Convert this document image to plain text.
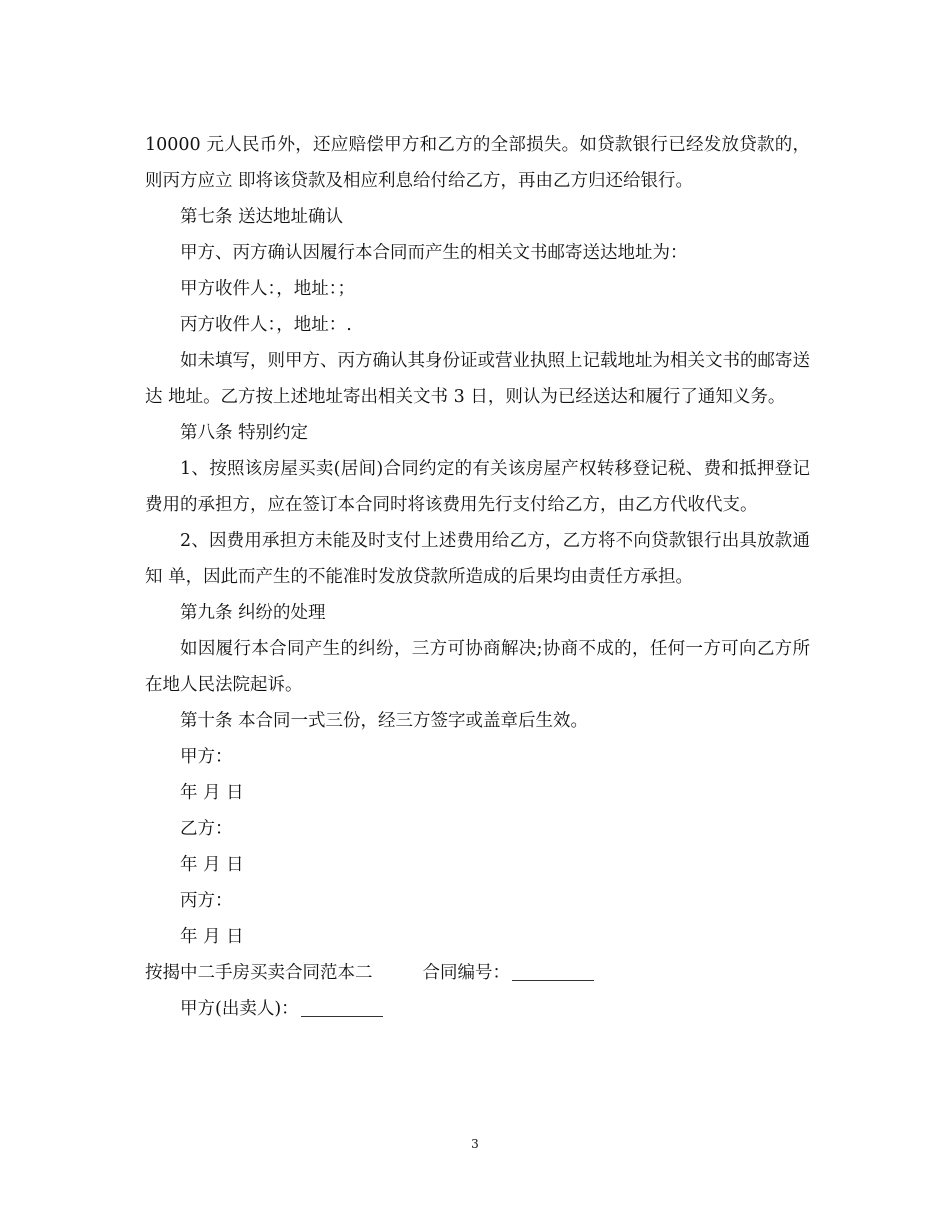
10000 元人民币外，还应赔偿甲方和乙方的全部损失。如贷款银行已经发放贷款的，则丙方应立 即将该贷款及相应利息给付给乙方，再由乙方归还给银行。

第七条 送达地址确认

甲方、丙方确认因履行本合同而产生的相关文书邮寄送达地址为：

甲方收件人：，地址：；

丙方收件人：，地址：.

如未填写，则甲方、丙方确认其身份证或营业执照上记载地址为相关文书的邮寄送达 地址。乙方按上述地址寄出相关文书 3 日，则认为已经送达和履行了通知义务。

第八条 特别约定

1、按照该房屋买卖(居间)合同约定的有关该房屋产权转移登记税、费和抵押登记 费用的承担方，应在签订本合同时将该费用先行支付给乙方，由乙方代收代支。

2、因费用承担方未能及时支付上述费用给乙方，乙方将不向贷款银行出具放款通知 单，因此而产生的不能准时发放贷款所造成的后果均由责任方承担。

第九条 纠纷的处理

如因履行本合同产生的纠纷，三方可协商解决;协商不成的，任何一方可向乙方所在地人民法院起诉。

第十条 本合同一式三份，经三方签字或盖章后生效。

甲方：

年 月 日

乙方：

年 月 日

丙方：

年 月 日

按揭中二手房买卖合同范本二	合同编号：

甲方(出卖人)：

3
